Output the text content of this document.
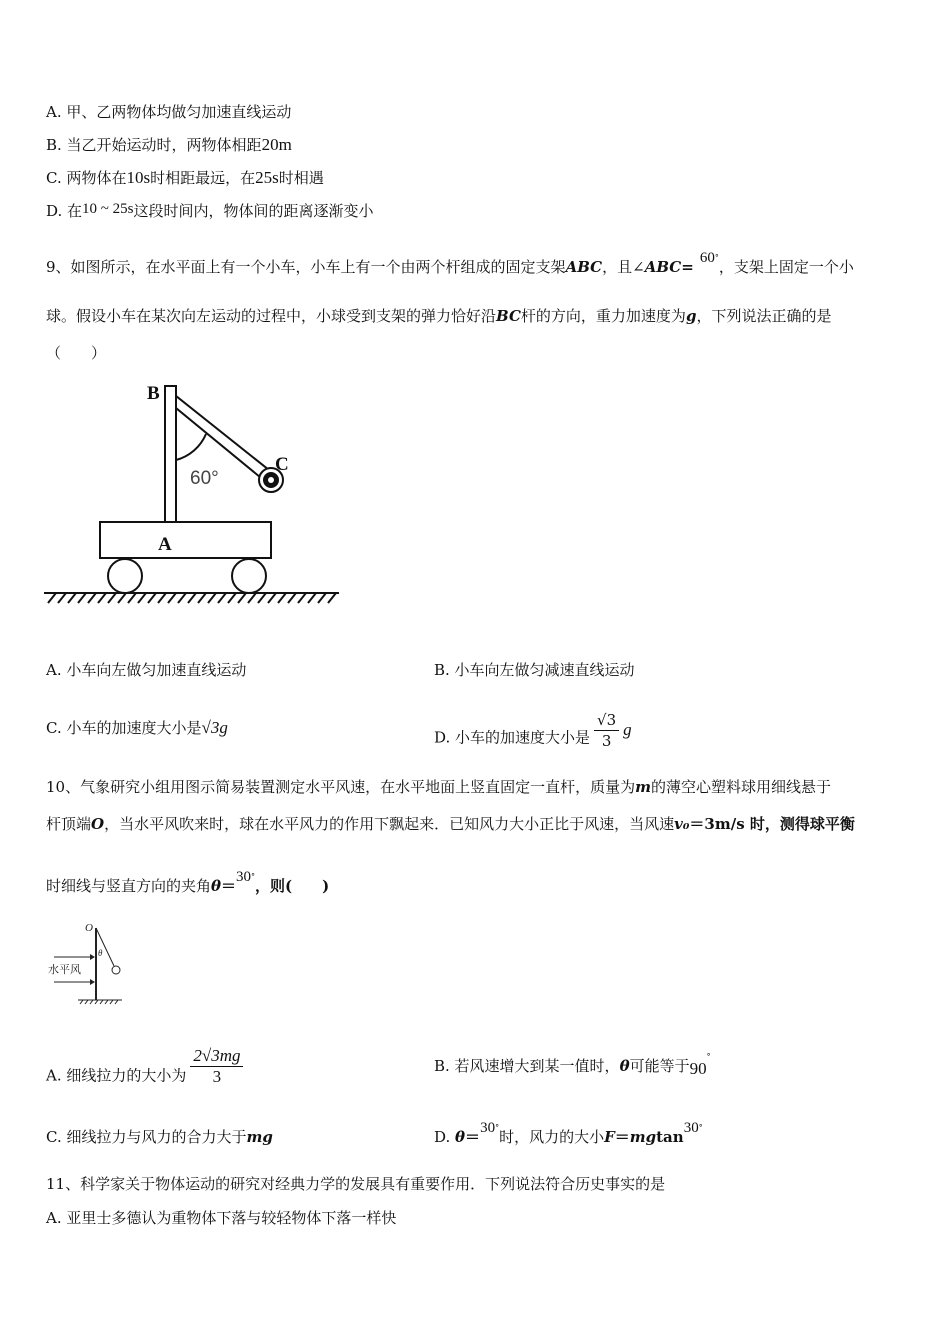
A. 甲、乙两物体均做匀加速直线运动
B. 当乙开始运动时，两物体相距20m
C. 两物体在10s时相距最远，在25s时相遇
D. 在10 ~ 25s这段时间内，物体间的距离逐渐变小
9、如图所示，在水平面上有一个小车，小车上有一个由两个杆组成的固定支架ABC，且∠ABC= 60°，支架上固定一个小
球。假设小车在某次向左运动的过程中，小球受到支架的弹力恰好沿BC杆的方向，重力加速度为g，下列说法正确的是
（　　）
B
C
A
60°
A. 小车向左做匀加速直线运动	B. 小车向左做匀减速直线运动
C. 小车的加速度大小是√3g
D. 小车的加速度大小是 $\frac{√3}{3}$ g
10、气象研究小组用图示简易装置测定水平风速，在水平地面上竖直固定一直杆，质量为m的薄空心塑料球用细线悬于
杆顶端O，当水平风吹来时，球在水平风力的作用下飘起来．已知风力大小正比于风速，当风速v₀＝3m/s 时，测得球平衡
时细线与竖直方向的夹角θ＝30°，则(　　)
O
θ
水平风
A. 细线拉力的大小为 $\frac{2√3mg}{3}$	B. 若风速增大到某一值时，θ可能等于90°
C. 细线拉力与风力的合力大于mg	D. θ＝30°时，风力的大小F＝mgtan30°
11、科学家关于物体运动的研究对经典力学的发展具有重要作用．下列说法符合历史事实的是
A. 亚里士多德认为重物体下落与较轻物体下落一样快
